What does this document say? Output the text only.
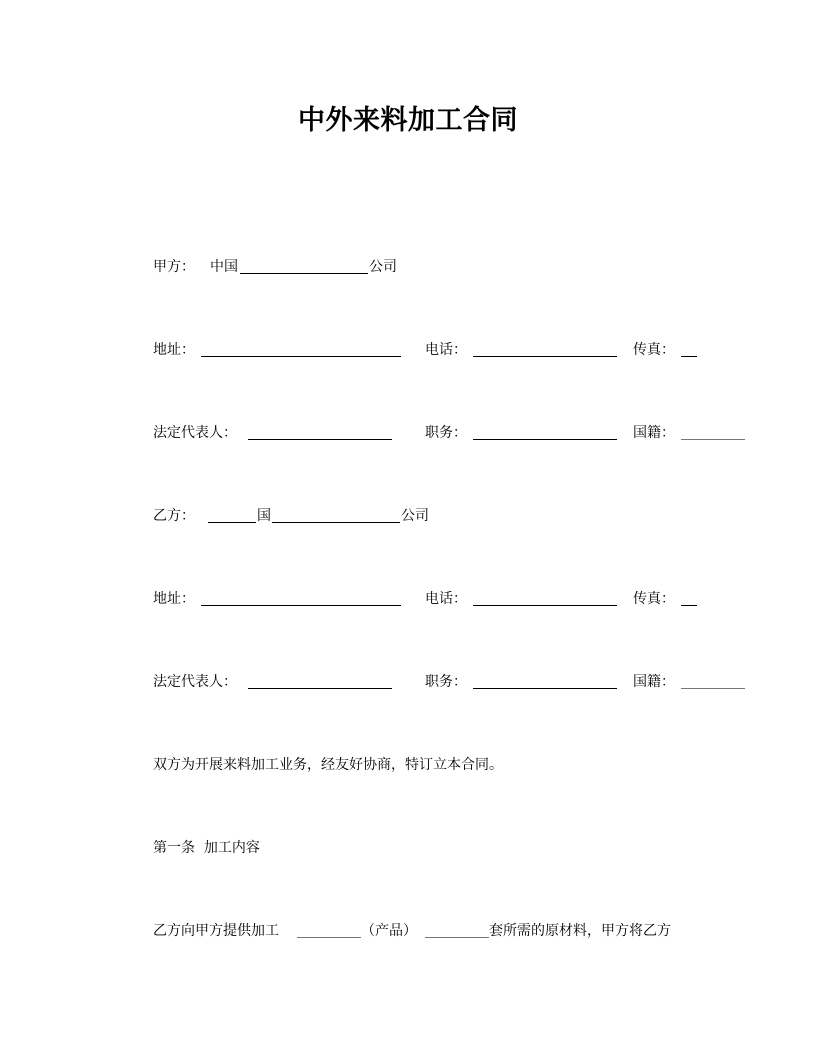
中外来料加工合同
甲方： 中国	公司
地址：	电话：	传真：
法定代表人：	职务：	国籍：
乙方：	国	公司
地址：	电话：	传真：
法定代表人：	职务：	国籍：
双方为开展来料加工业务，经友好协商，特订立本合同。
第一条  加工内容
乙方向甲方提供加工	（产品）	套所需的原材料，甲方将乙方
